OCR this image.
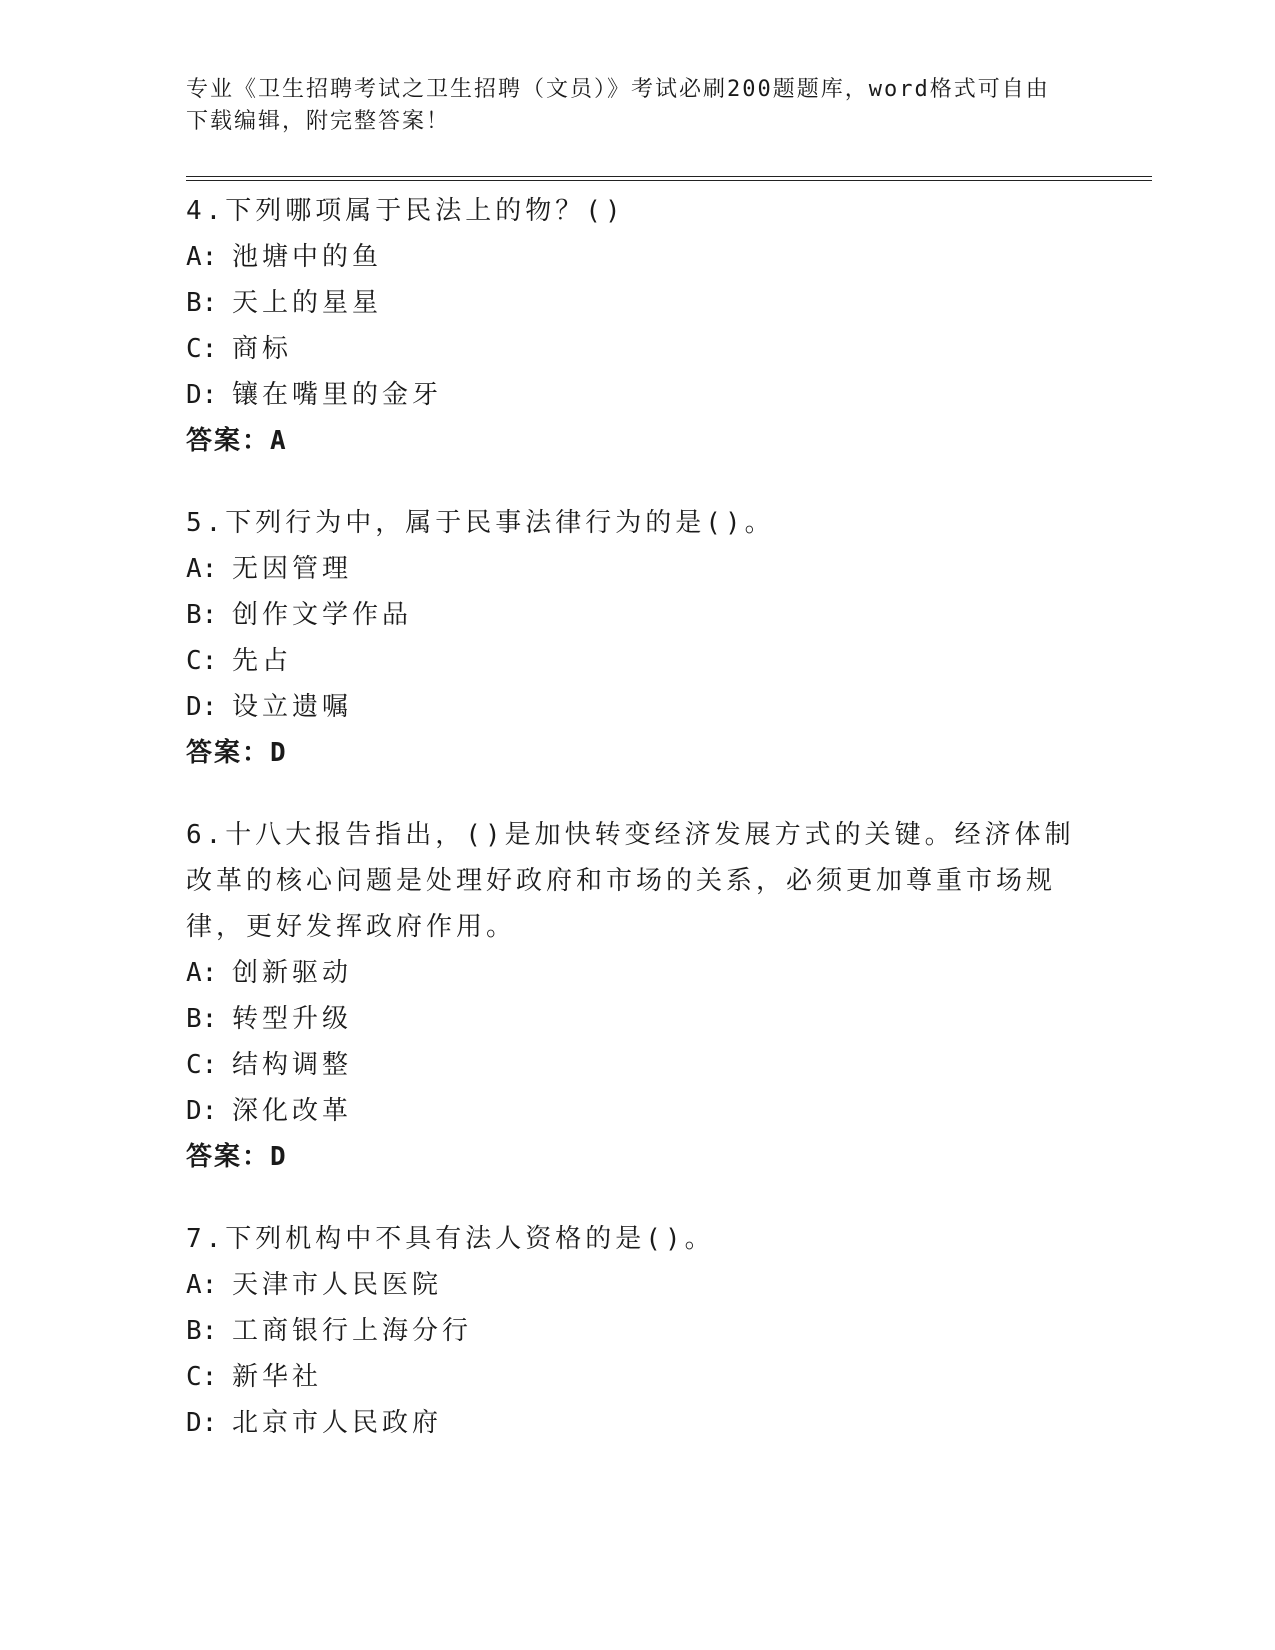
专业《卫生招聘考试之卫生招聘（文员）》考试必刷200题题库，word格式可自由下载编辑，附完整答案！

4.下列哪项属于民法上的物？()

A: 池塘中的鱼

B: 天上的星星

C: 商标

D: 镶在嘴里的金牙

答案：A

5.下列行为中，属于民事法律行为的是()。

A: 无因管理

B: 创作文学作品

C: 先占

D: 设立遗嘱

答案：D

6.十八大报告指出，()是加快转变经济发展方式的关键。经济体制改革的核心问题是处理好政府和市场的关系，必须更加尊重市场规律，更好发挥政府作用。

A: 创新驱动

B: 转型升级

C: 结构调整

D: 深化改革

答案：D

7.下列机构中不具有法人资格的是()。

A: 天津市人民医院

B: 工商银行上海分行

C: 新华社

D: 北京市人民政府
